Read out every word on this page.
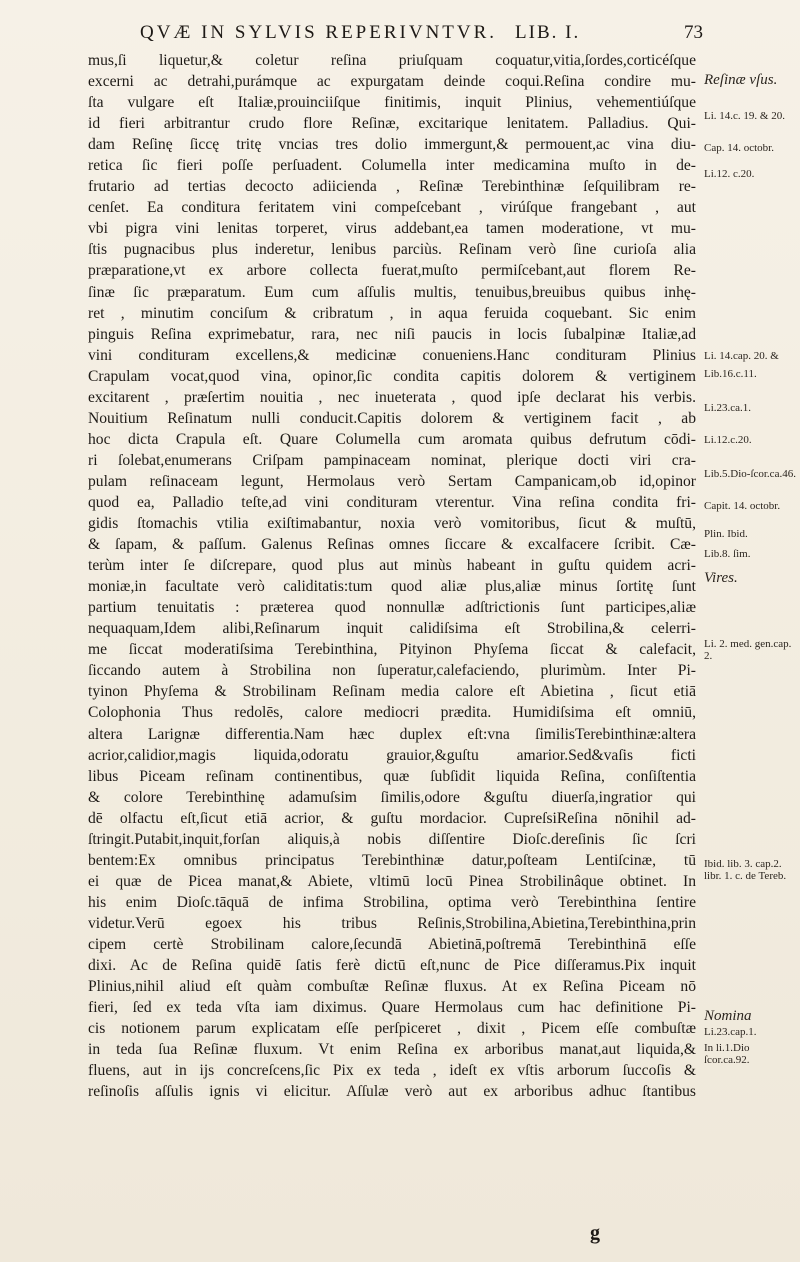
QVÆ IN SYLVIS REPERIVNTVR. LIB. I.	73
mus,ſi liquetur,& coletur reſina priuſquam coquatur,vitia,ſordes,corticéſque
excerni ac detrahi,purámque ac expurgatam deinde coqui.Reſina condire mu-
ſta vulgare eſt Italiæ,prouinciiſque finitimis, inquit Plinius, vehementiúſque
id fieri arbitrantur crudo flore Reſinæ, excitarique lenitatem. Palladius. Qui-
dam Reſinę ſiccę tritę vncias tres dolio immergunt,& permouent,ac vina diu-
retica ſic fieri poſſe perſuadent. Columella inter medicamina muſto in de-
frutario ad tertias decocto adiicienda , Reſinæ Terebinthinæ ſeſquilibram re-
cenſet. Ea conditura feritatem vini compeſcebant , virúſque frangebant , aut
vbi pigra vini lenitas torperet, virus addebant,ea tamen moderatione, vt mu-
ſtis pugnacibus plus inderetur, lenibus parciùs. Reſinam verò ſine curioſa alia
præparatione,vt ex arbore collecta fuerat,muſto permiſcebant,aut florem Re-
ſinæ ſic præparatum. Eum cum aſſulis multis, tenuibus,breuibus quibus inhę-
ret , minutim conciſum & cribratum , in aqua feruida coquebant. Sic enim
pinguis Reſina exprimebatur, rara, nec niſi paucis in locis ſubalpinæ Italiæ,ad
vini condituram excellens,& medicinæ conueniens.Hanc condituram Plinius
Crapulam vocat,quod vina, opinor,ſic condita capitis dolorem & vertiginem
excitarent , præſertim nouitia , nec inueterata , quod ipſe declarat his verbis.
Nouitium Reſinatum nulli conducit.Capitis dolorem & vertiginem facit , ab
hoc dicta Crapula eſt. Quare Columella cum aromata quibus defrutum cōdi-
ri ſolebat,enumerans Criſpam pampinaceam nominat, plerique docti viri cra-
pulam reſinaceam legunt, Hermolaus verò Sertam Campanicam,ob id,opinor
quod ea, Palladio teſte,ad vini condituram vterentur. Vina reſina condita fri-
gidis ſtomachis vtilia exiſtimabantur, noxia verò vomitoribus, ſicut & muſtū,
& ſapam, & paſſum. Galenus Reſinas omnes ſiccare & excalfacere ſcribit. Cæ-
terùm inter ſe diſcrepare, quod plus aut minùs habeant in guſtu quidem acri-
moniæ,in facultate verò caliditatis:tum quod aliæ plus,aliæ minus ſortitę ſunt
partium tenuitatis : præterea quod nonnullæ adſtrictionis ſunt participes,aliæ
nequaquam,Idem alibi,Reſinarum inquit calidiſsima eſt Strobilina,& celerri-
me ſiccat moderatiſsima Terebinthina, Pityinon Phyſema ſiccat & calefacit,
ſiccando autem à Strobilina non ſuperatur,calefaciendo, plurimùm. Inter Pi-
tyinon Phyſema & Strobilinam Reſinam media calore eſt Abietina , ſicut etiā
Colophonia Thus redolēs, calore mediocri prædita. Humidiſsima eſt omniū,
altera Larignæ differentia.Nam hæc duplex eſt:vna ſimilisTerebinthinæ:altera
acrior,calidior,magis liquida,odoratu grauior,&guſtu amarior.Sed&vaſis ficti
libus Piceam reſinam continentibus, quæ ſubſidit liquida Reſina, conſiſtentia
& colore Terebinthinę adamuſsim ſimilis,odore &guſtu diuerſa,ingratior qui
dē olfactu eſt,ſicut etiā acrior, & guſtu mordacior. CupreſsiReſina nōnihil ad-
ſtringit.Putabit,inquit,forſan aliquis,à nobis diſſentire Dioſc.dereſinis ſic ſcri
bentem:Ex omnibus principatus Terebinthinæ datur,poſteam Lentiſcinæ, tū
ei quæ de Picea manat,& Abiete, vltimū locū Pinea Strobilinâque obtinet. In
his enim Dioſc.tāquā de infima Strobilina, optima verò Terebinthina ſentire
videtur.Verū egoex his tribus Reſinis,Strobilina,Abietina,Terebinthina,prin
cipem certè Strobilinam calore,ſecundā Abietinā,poſtremā Terebinthinā eſſe
dixi. Ac de Reſina quidē ſatis ferè dictū eſt,nunc de Pice diſſeramus.Pix inquit
Plinius,nihil aliud eſt quàm combuſtæ Reſinæ fluxus. At ex Reſina Piceam nō
fieri, ſed ex teda vſta iam diximus. Quare Hermolaus cum hac definitione Pi-
cis notionem parum explicatam eſſe perſpiceret , dixit , Picem eſſe combuſtæ
in teda ſua Reſinæ fluxum. Vt enim Reſina ex arboribus manat,aut liquida,&
fluens, aut in ijs concreſcens,ſic Pix ex teda , ideſt ex vſtis arborum ſuccoſis &
reſinoſis aſſulis ignis vi elicitur. Aſſulæ verò aut ex arboribus adhuc ſtantibus
Reſinæ vſus.
Li. 14.c. 19. & 20.
Cap. 14. octobr.
Li.12. c.20.
Li. 14.cap. 20. &
Lib.16.c.11.
Li.23.ca.1.
Li.12.c.20.
Lib.5.Dio-ſcor.ca.46.
Capit. 14. octobr.
Plin. Ibid.
Lib.8. ſim.
Vires.
Li. 2. med. gen.cap. 2.
Ibid. lib. 3. cap.2. libr. 1. c. de Tereb.
Nomina
Li.23.cap.1.
In li.1.Dio ſcor.ca.92.
g
